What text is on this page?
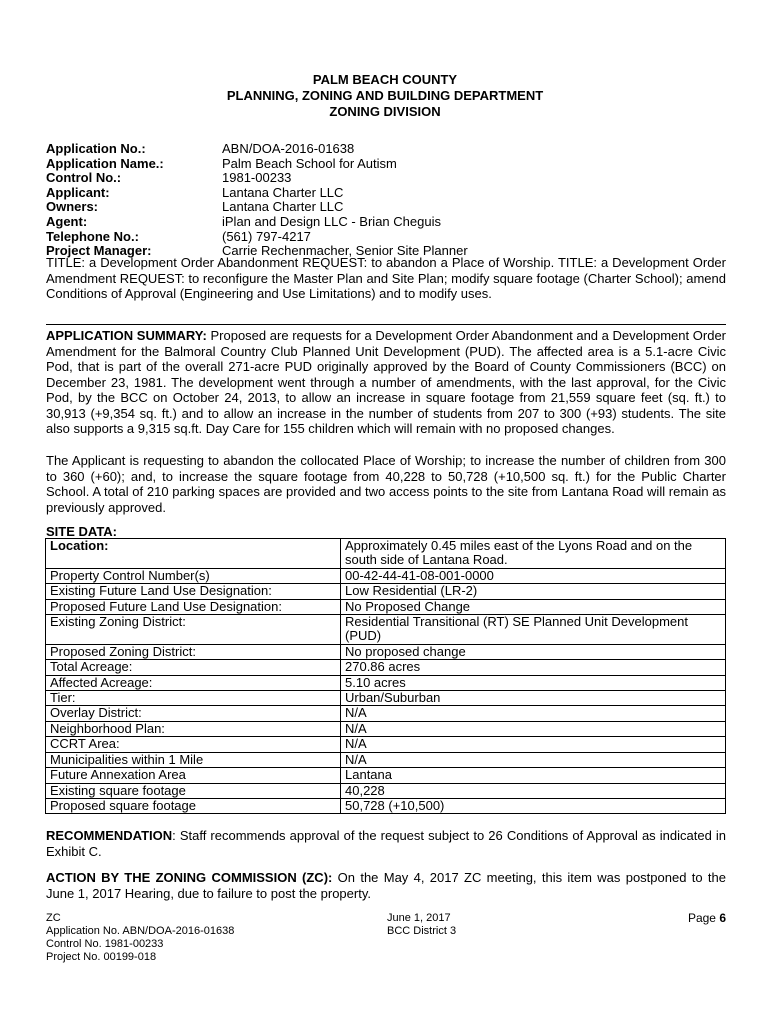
PALM BEACH COUNTY
PLANNING, ZONING AND BUILDING DEPARTMENT
ZONING DIVISION
Application No.:	ABN/DOA-2016-01638
Application Name.:	Palm Beach School for Autism
Control No.:	1981-00233
Applicant:	Lantana Charter LLC
Owners:	Lantana Charter LLC
Agent:	iPlan and Design LLC - Brian Cheguis
Telephone No.:	(561) 797-4217
Project Manager:	Carrie Rechenmacher, Senior Site Planner
TITLE: a Development Order Abandonment REQUEST: to abandon a Place of Worship. TITLE: a Development Order Amendment REQUEST: to reconfigure the Master Plan and Site Plan; modify square footage (Charter School); amend Conditions of Approval (Engineering and Use Limitations) and to modify uses.
APPLICATION SUMMARY: Proposed are requests for a Development Order Abandonment and a Development Order Amendment for the Balmoral Country Club Planned Unit Development (PUD). The affected area is a 5.1-acre Civic Pod, that is part of the overall 271-acre PUD originally approved by the Board of County Commissioners (BCC) on December 23, 1981. The development went through a number of amendments, with the last approval, for the Civic Pod, by the BCC on October 24, 2013, to allow an increase in square footage from 21,559 square feet (sq. ft.) to 30,913 (+9,354 sq. ft.) and to allow an increase in the number of students from 207 to 300 (+93) students. The site also supports a 9,315 sq.ft. Day Care for 155 children which will remain with no proposed changes.
The Applicant is requesting to abandon the collocated Place of Worship; to increase the number of children from 300 to 360 (+60); and, to increase the square footage from 40,228 to 50,728 (+10,500 sq. ft.) for the Public Charter School. A total of 210 parking spaces are provided and two access points to the site from Lantana Road will remain as previously approved.
SITE DATA:
Location:	Approximately 0.45 miles east of the Lyons Road and on the south side of Lantana Road.
Property Control Number(s)	00-42-44-41-08-001-0000
Existing Future Land Use Designation:	Low Residential (LR-2)
Proposed Future Land Use Designation:	No Proposed Change
Existing Zoning District:	Residential Transitional (RT) SE Planned Unit Development (PUD)
Proposed Zoning District:	No proposed change
Total Acreage:	270.86 acres
Affected Acreage:	5.10 acres
Tier:	Urban/Suburban
Overlay District:	N/A
Neighborhood Plan:	N/A
CCRT Area:	N/A
Municipalities within 1 Mile	N/A
Future Annexation Area	Lantana
Existing square footage	40,228
Proposed square footage	50,728 (+10,500)
RECOMMENDATION: Staff recommends approval of the request subject to 26 Conditions of Approval as indicated in Exhibit C.
ACTION BY THE ZONING COMMISSION (ZC): On the May 4, 2017 ZC meeting, this item was postponed to the June 1, 2017 Hearing, due to failure to post the property.
ZC
Application No. ABN/DOA-2016-01638
Control No. 1981-00233
Project No. 00199-018
June 1, 2017
BCC District 3
Page 6
